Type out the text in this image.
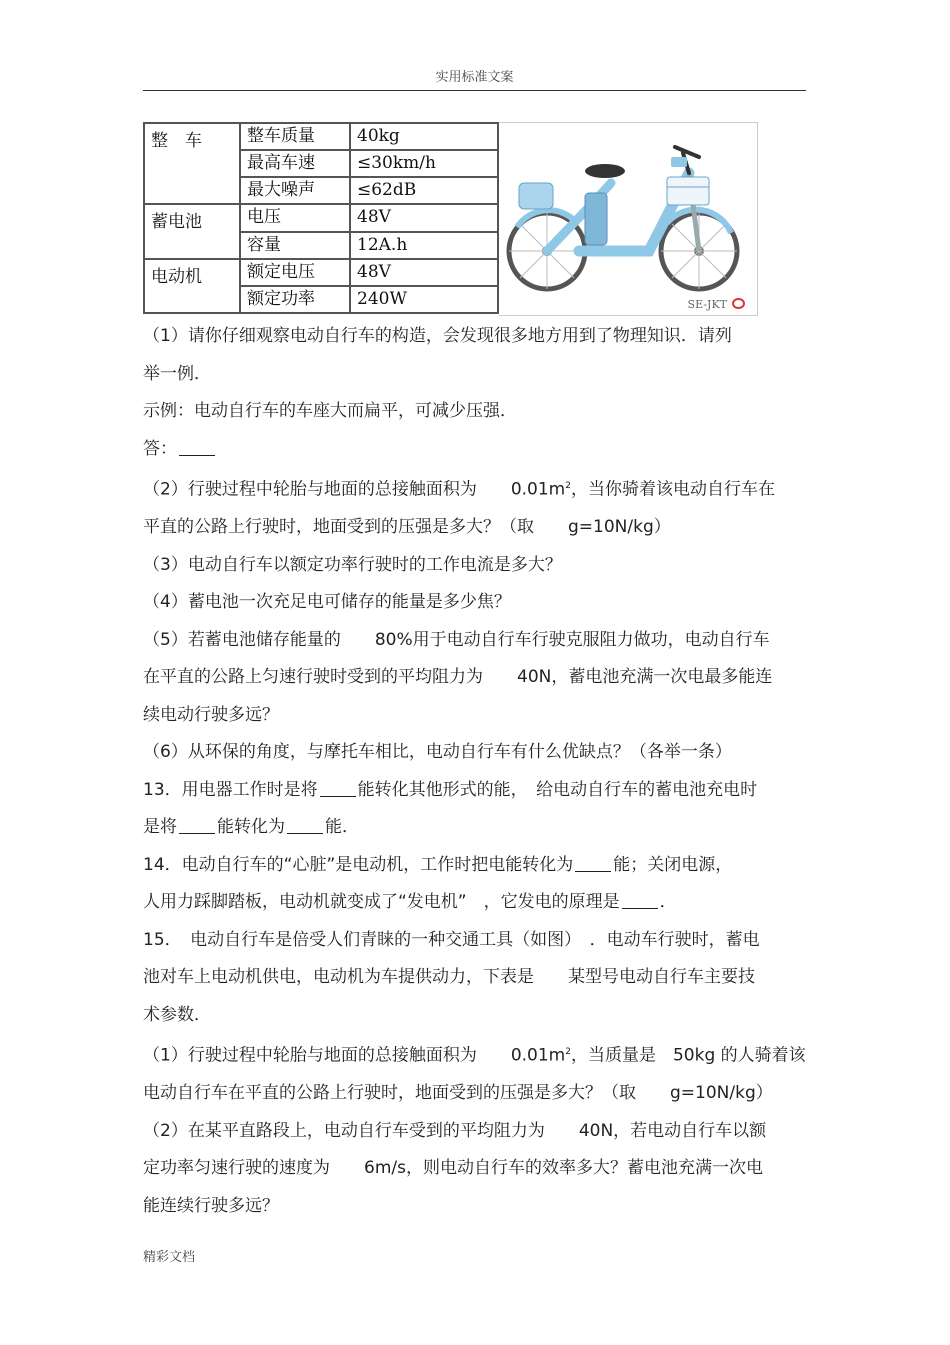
实用标准文案
整　车	整车质量	40kg
	最高车速	≤30km/h
	最大噪声	≤62dB
蓄电池	电压	48V
	容量	12A.h
电动机	额定电压	48V
	额定功率	240W	SE-JKT
（1）请你仔细观察电动自行车的构造，会发现很多地方用到了物理知识．请列
举一例．
示例：电动自行车的车座大而扁平，可减少压强．
答：
（2）行驶过程中轮胎与地面的总接触面积为　　$0.01m^2$，当你骑着该电动自行车在
平直的公路上行驶时，地面受到的压强是多大？（取　　g=10N/kg）
（3）电动自行车以额定功率行驶时的工作电流是多大？
（4）蓄电池一次充足电可储存的能量是多少焦？
（5）若蓄电池储存能量的　　80%用于电动自行车行驶克服阻力做功，电动自行车
在平直的公路上匀速行驶时受到的平均阻力为　　40N，蓄电池充满一次电最多能连
续电动行驶多远？
（6）从环保的角度，与摩托车相比，电动自行车有什么优缺点？（各举一条）
13．用电器工作时是将 能转化其他形式的能，　给电动自行车的蓄电池充电时
是将 能转化为 能．
14．电动自行车的“心脏”是电动机，工作时把电能转化为 能；关闭电源，
人用力踩脚踏板，电动机就变成了“发电机”　，它发电的原理是 ．
15．　电动自行车是倍受人们青睐的一种交通工具（如图）　．电动车行驶时，蓄电
池对车上电动机供电，电动机为车提供动力，下表是　　某型号电动自行车主要技
术参数．
（1）行驶过程中轮胎与地面的总接触面积为　　$0.01m^2$，当质量是　50kg 的人骑着该
电动自行车在平直的公路上行驶时，地面受到的压强是多大？（取　　g=10N/kg）
（2）在某平直路段上，电动自行车受到的平均阻力为　　40N，若电动自行车以额
定功率匀速行驶的速度为　　6m/s，则电动自行车的效率多大？蓄电池充满一次电
能连续行驶多远？
精彩文档
